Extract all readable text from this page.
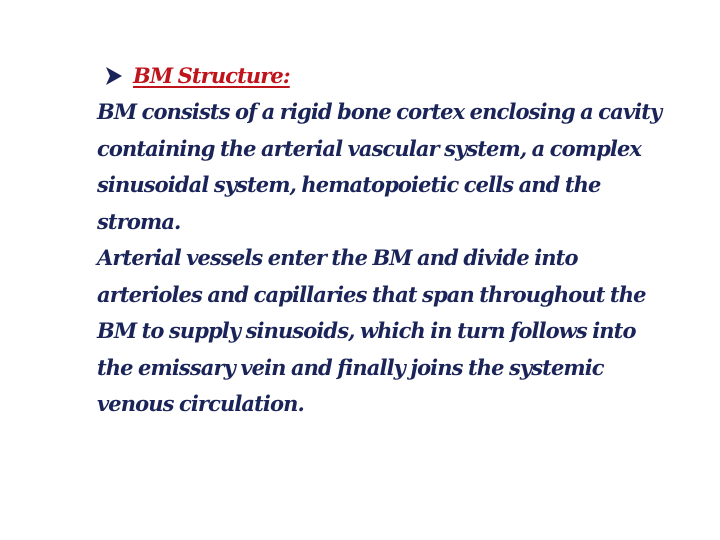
BM Structure:

BM consists of a rigid bone cortex enclosing a cavity
containing the arterial vascular system, a complex
sinusoidal system, hematopoietic cells and the
stroma.

Arterial vessels enter the BM and divide into
arterioles and capillaries that span throughout the
BM to supply sinusoids, which in turn follows into
the emissary vein and finally joins the systemic
venous circulation.
